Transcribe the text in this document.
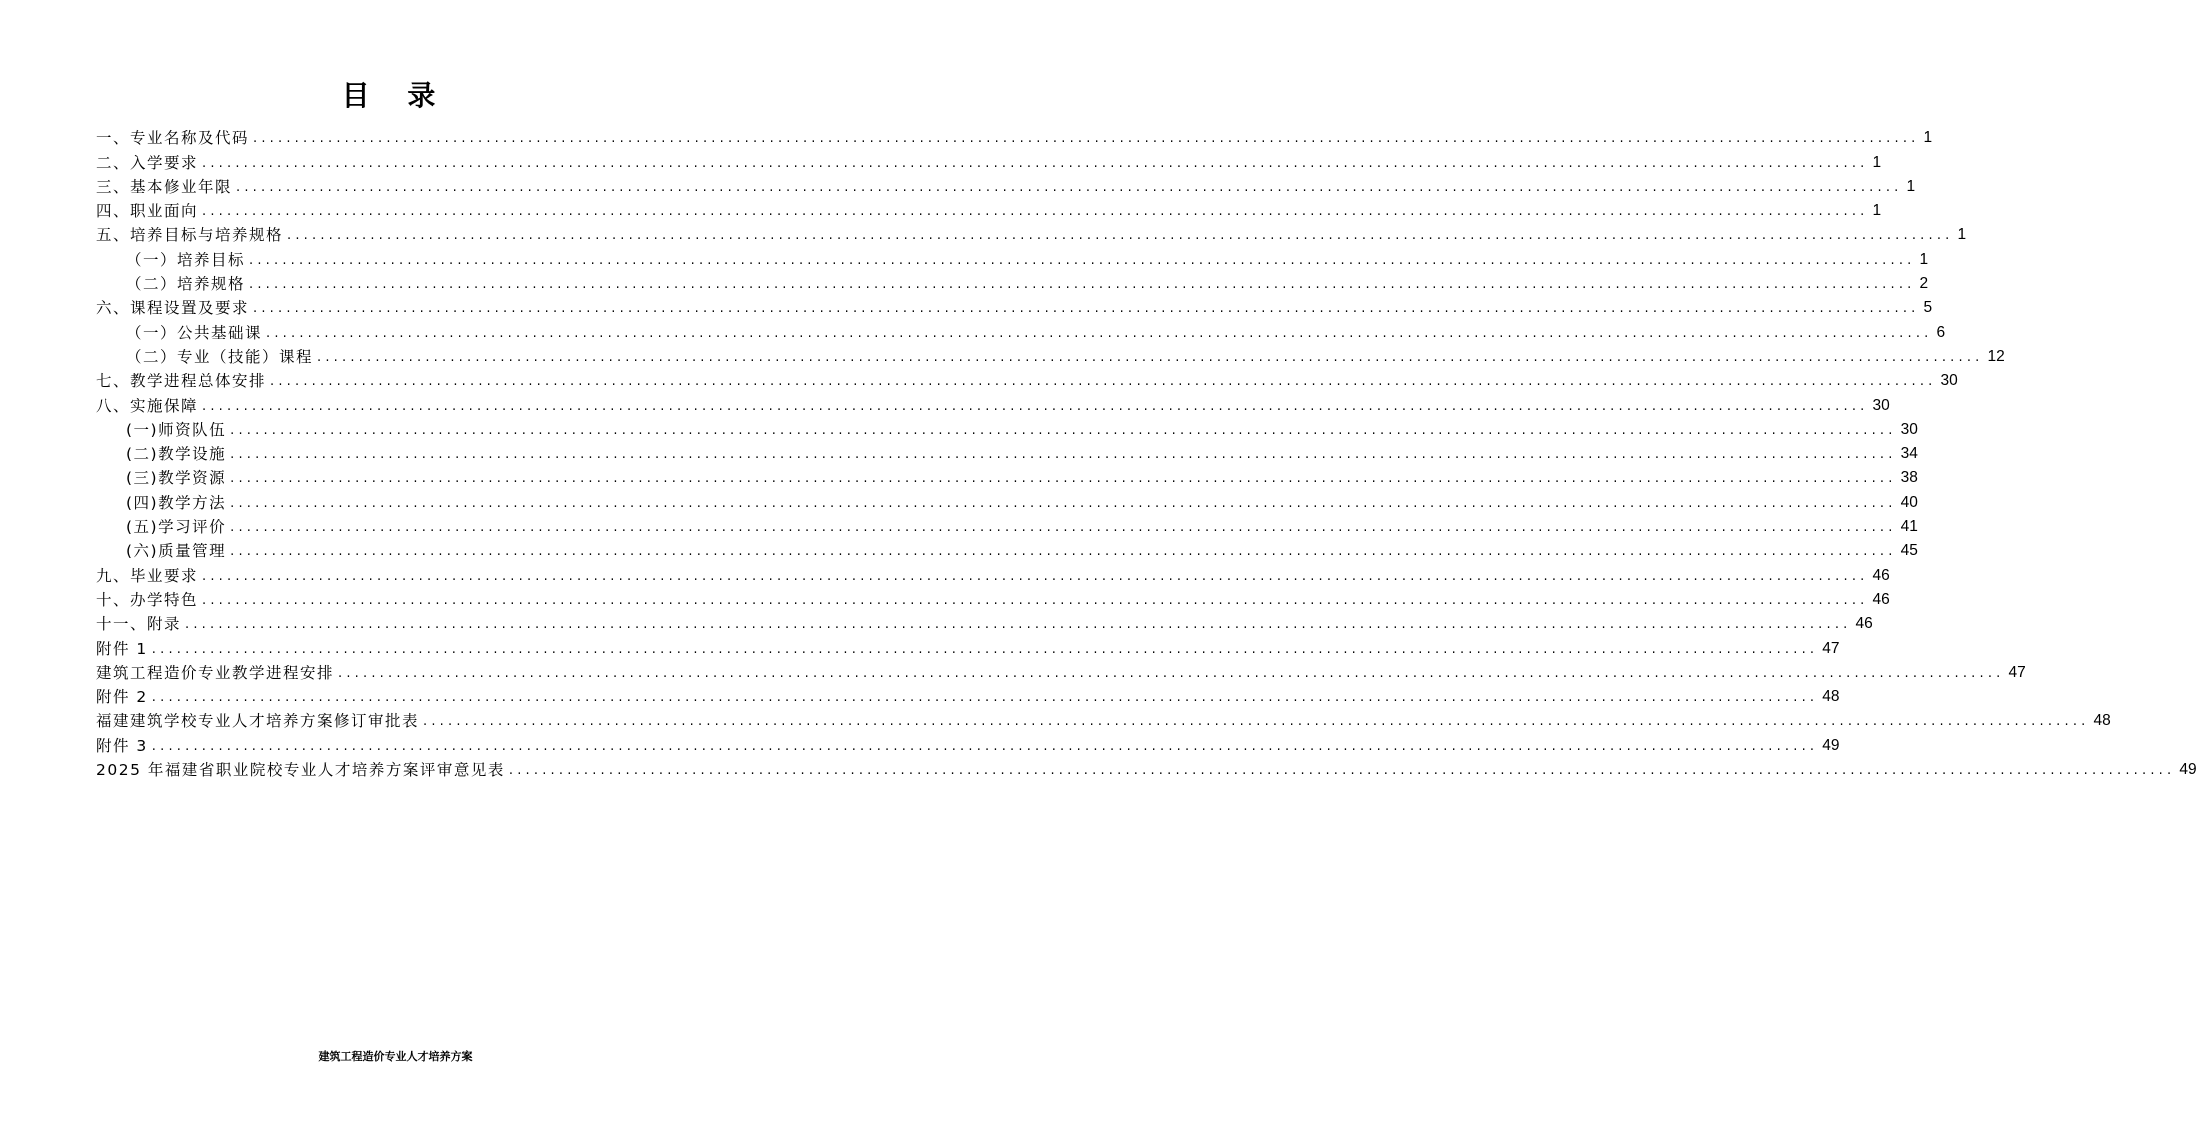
目 录
一、专业名称及代码 ........................................................................................................................................................................................................ 1
二、入学要求 ........................................................................................................................................................................................................ 1
三、基本修业年限 ........................................................................................................................................................................................................ 1
四、职业面向 ........................................................................................................................................................................................................ 1
五、培养目标与培养规格 ........................................................................................................................................................................................................ 1
（一）培养目标 ........................................................................................................................................................................................................ 1
（二）培养规格 ........................................................................................................................................................................................................ 2
六、课程设置及要求 ........................................................................................................................................................................................................ 5
（一）公共基础课 ........................................................................................................................................................................................................ 6
（二）专业（技能）课程 ........................................................................................................................................................................................................ 12
七、教学进程总体安排 ........................................................................................................................................................................................................ 30
八、实施保障 ........................................................................................................................................................................................................ 30
(一)师资队伍 ........................................................................................................................................................................................................ 30
(二)教学设施 ........................................................................................................................................................................................................ 34
(三)教学资源 ........................................................................................................................................................................................................ 38
(四)教学方法 ........................................................................................................................................................................................................ 40
(五)学习评价 ........................................................................................................................................................................................................ 41
(六)质量管理 ........................................................................................................................................................................................................ 45
九、毕业要求 ........................................................................................................................................................................................................ 46
十、办学特色 ........................................................................................................................................................................................................ 46
十一、附录 ........................................................................................................................................................................................................ 46
附件 1 ........................................................................................................................................................................................................ 47
建筑工程造价专业教学进程安排 ........................................................................................................................................................................................................ 47
附件 2 ........................................................................................................................................................................................................ 48
福建建筑学校专业人才培养方案修订审批表 ........................................................................................................................................................................................................ 48
附件 3 ........................................................................................................................................................................................................ 49
2025 年福建省职业院校专业人才培养方案评审意见表 ........................................................................................................................................................................................................ 49
建筑工程造价专业人才培养方案
